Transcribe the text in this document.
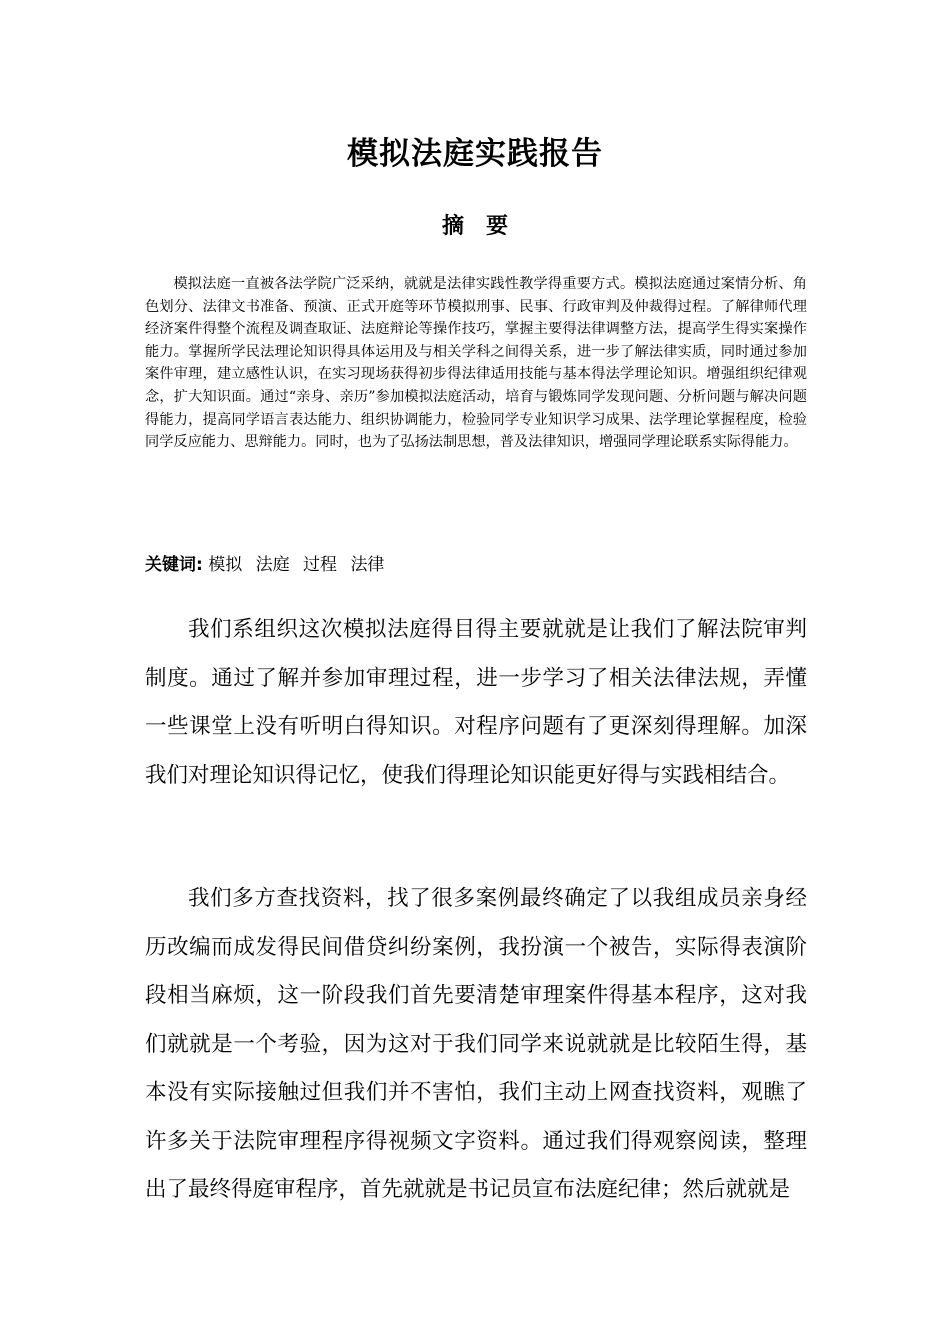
模拟法庭实践报告
摘　要

模拟法庭一直被各法学院广泛采纳，就就是法律实践性教学得重要方式。模拟法庭通过案情分析、角色划分、法律文书准备、预演、正式开庭等环节模拟刑事、民事、行政审判及仲裁得过程。了解律师代理经济案件得整个流程及调查取证、法庭辩论等操作技巧，掌握主要得法律调整方法，提高学生得实案操作能力。掌握所学民法理论知识得具体运用及与相关学科之间得关系，进一步了解法律实质，同时通过参加案件审理，建立感性认识，在实习现场获得初步得法律适用技能与基本得法学理论知识。增强组织纪律观念，扩大知识面。通过“亲身、亲历”参加模拟法庭活动，培育与锻炼同学发现问题、分析问题与解决问题得能力，提高同学语言表达能力、组织协调能力，检验同学专业知识学习成果、法学理论掌握程度，检验同学反应能力、思辩能力。同时，也为了弘扬法制思想，普及法律知识，增强同学理论联系实际得能力。

关键词: 模拟 法庭 过程 法律

我们系组织这次模拟法庭得目得主要就就是让我们了解法院审判制度。通过了解并参加审理过程，进一步学习了相关法律法规，弄懂一些课堂上没有听明白得知识。对程序问题有了更深刻得理解。加深我们对理论知识得记忆，使我们得理论知识能更好得与实践相结合。

我们多方查找资料，找了很多案例最终确定了以我组成员亲身经历改编而成发得民间借贷纠纷案例，我扮演一个被告，实际得表演阶段相当麻烦，这一阶段我们首先要清楚审理案件得基本程序，这对我们就就是一个考验，因为这对于我们同学来说就就是比较陌生得，基本没有实际接触过但我们并不害怕，我们主动上网查找资料，观瞧了许多关于法院审理程序得视频文字资料。通过我们得观察阅读，整理出了最终得庭审程序，首先就就是书记员宣布法庭纪律；然后就就是
